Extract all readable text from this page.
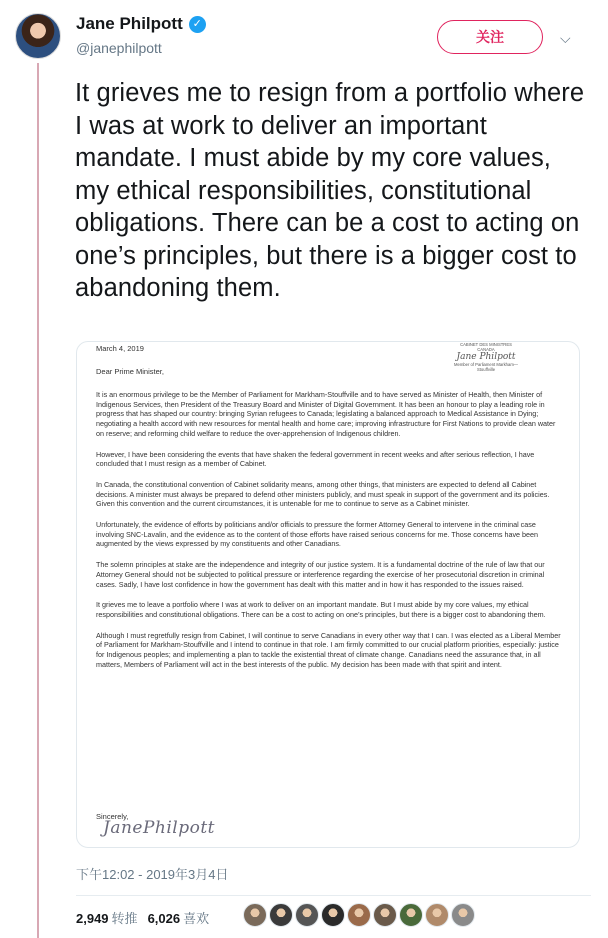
Jane Philpott ✓
@janephilpott
关注	⌵
It grieves me to resign from a portfolio where I was at work to deliver an important mandate. I must abide by my core values, my ethical responsibilities, constitutional obligations. There can be a cost to acting on one’s principles, but there is a bigger cost to abandoning them.
March 4, 2019	CABINET DES MINISTRES CANADA
Jane Philpott
Member of Parliament Markham—Stouffville
Dear Prime Minister,

It is an enormous privilege to be the Member of Parliament for Markham-Stouffville and to have served as Minister of Health, then Minister of Indigenous Services, then President of the Treasury Board and Minister of Digital Government. It has been an honour to play a leading role in progress that has shaped our country: bringing Syrian refugees to Canada; legislating a balanced approach to Medical Assistance in Dying; negotiating a health accord with new resources for mental health and home care; improving infrastructure for First Nations to provide clean water on reserve; and reforming child welfare to reduce the over-apprehension of Indigenous children.

However, I have been considering the events that have shaken the federal government in recent weeks and after serious reflection, I have concluded that I must resign as a member of Cabinet.

In Canada, the constitutional convention of Cabinet solidarity means, among other things, that ministers are expected to defend all Cabinet decisions. A minister must always be prepared to defend other ministers publicly, and must speak in support of the government and its policies. Given this convention and the current circumstances, it is untenable for me to continue to serve as a Cabinet minister.

Unfortunately, the evidence of efforts by politicians and/or officials to pressure the former Attorney General to intervene in the criminal case involving SNC-Lavalin, and the evidence as to the content of those efforts have raised serious concerns for me. Those concerns have been augmented by the views expressed by my constituents and other Canadians.

The solemn principles at stake are the independence and integrity of our justice system. It is a fundamental doctrine of the rule of law that our Attorney General should not be subjected to political pressure or interference regarding the exercise of her prosecutorial discretion in criminal cases. Sadly, I have lost confidence in how the government has dealt with this matter and in how it has responded to the issues raised.

It grieves me to leave a portfolio where I was at work to deliver on an important mandate. But I must abide by my core values, my ethical responsibilities and constitutional obligations. There can be a cost to acting on one’s principles, but there is a bigger cost to abandoning them.

Although I must regretfully resign from Cabinet, I will continue to serve Canadians in every other way that I can. I was elected as a Liberal Member of Parliament for Markham-Stouffville and I intend to continue in that role. I am firmly committed to our crucial platform priorities, especially: justice for Indigenous peoples; and implementing a plan to tackle the existential threat of climate change. Canadians need the assurance that, in all matters, Members of Parliament will act in the best interests of the public. My decision has been made with that spirit and intent.

Sincerely,
JanePhilpott
下午12:02 - 2019年3月4日
2,949 转推 6,026 喜欢
